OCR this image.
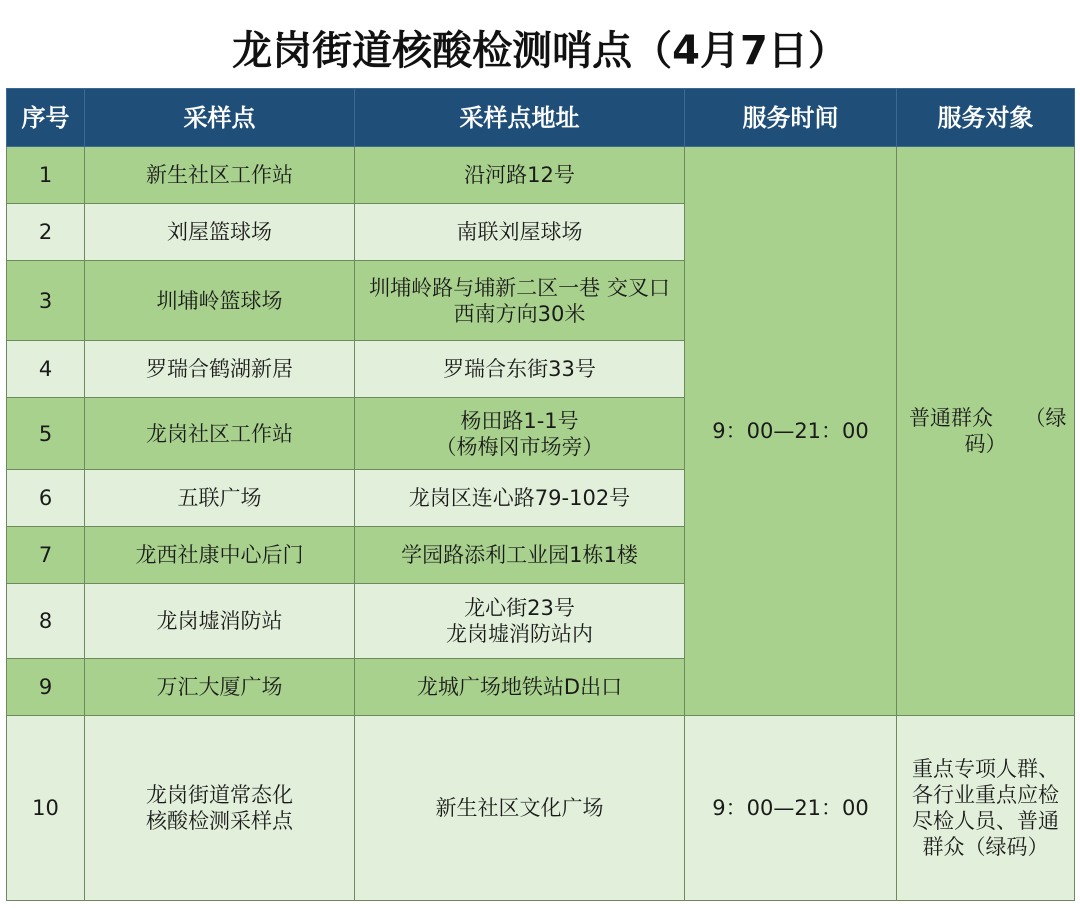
龙岗街道核酸检测哨点（4月7日）
序号	采样点	采样点地址	服务时间	服务对象
1	新生社区工作站	沿河路12号	9：00—21：00	普通群众　　（绿
码）

2	刘屋篮球场	南联刘屋球场		

3	圳埔岭篮球场	圳埔岭路与埔新二区一巷 交叉口
西南方向30米		

4	罗瑞合鹤湖新居	罗瑞合东街33号		

5	龙岗社区工作站	杨田路1-1号
（杨梅冈市场旁）		

6	五联广场	龙岗区连心路79-102号		

7	龙西社康中心后门	学园路添利工业园1栋1楼		

8	龙岗墟消防站	龙心街23号
龙岗墟消防站内		

9	万汇大厦广场	龙城广场地铁站D出口		

10	龙岗街道常态化
核酸检测采样点	新生社区文化广场	9：00—21：00	重点专项人群、
各行业重点应检
尽检人员、普通
群众（绿码）
